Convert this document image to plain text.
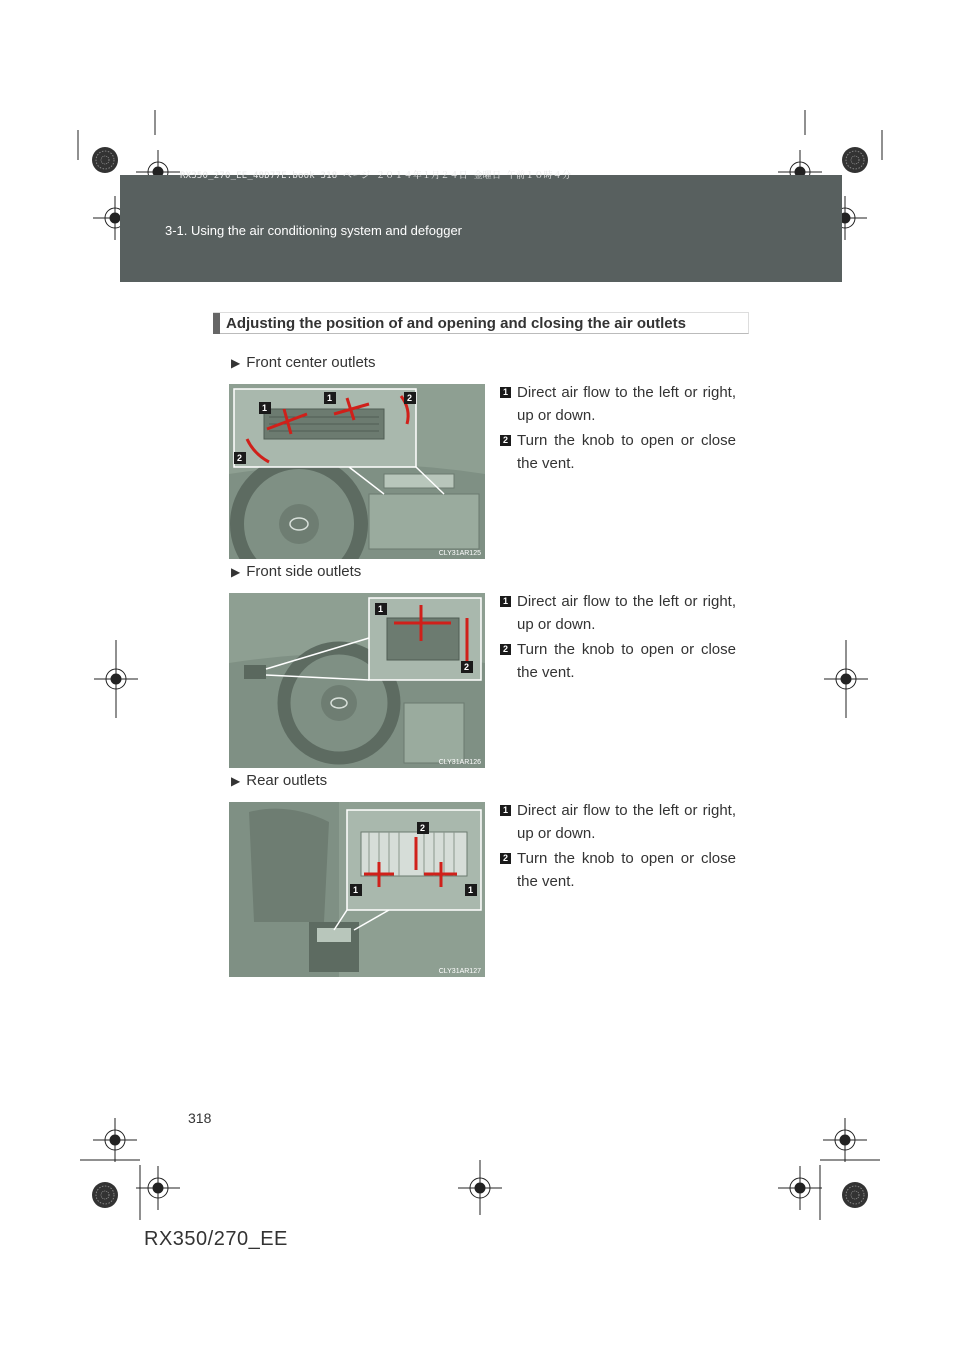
RX350_270_EE_48D77E.book 318 ページ ２０１４年１月２４日 金曜日 午前１０時４分
3-1. Using the air conditioning system and defogger
Adjusting the position of and opening and closing the air outlets
▶ Front center outlets
1
1
2
2
CLY31AR125
1 Direct air flow to the left or right, up or down.
2 Turn the knob to open or close the vent.
▶ Front side outlets
1
2
CLY31AR126
1 Direct air flow to the left or right, up or down.
2 Turn the knob to open or close the vent.
▶ Rear outlets
2
1	1
CLY31AR127
1 Direct air flow to the left or right, up or down.
2 Turn the knob to open or close the vent.
318
RX350/270_EE
